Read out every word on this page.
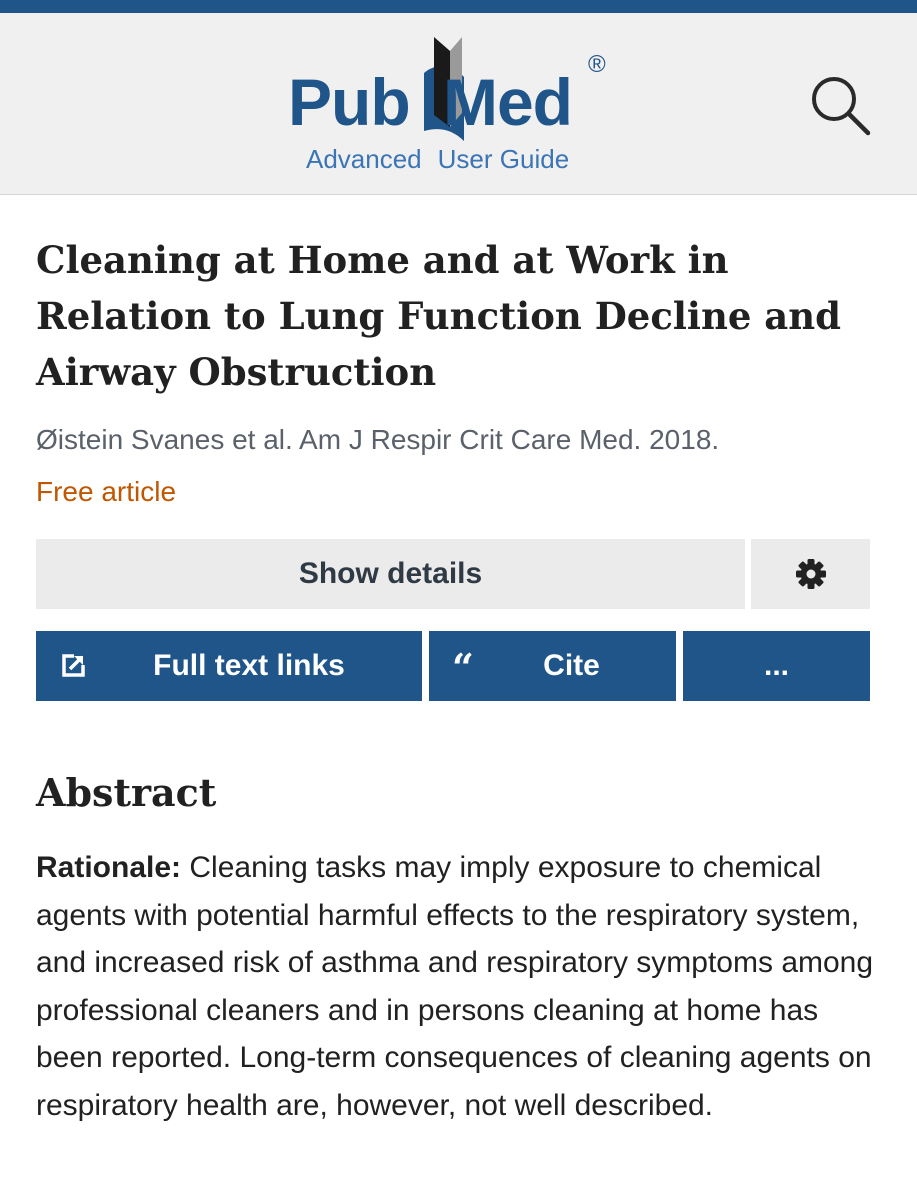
Pub Med
®
Advanced User Guide
Cleaning at Home and at Work in Relation to Lung Function Decline and Airway Obstruction
Øistein Svanes et al. Am J Respir Crit Care Med. 2018.
Free article
Show details
Full text links	“ Cite	...
Abstract

Rationale: Cleaning tasks may imply exposure to chemical agents with potential harmful effects to the respiratory system, and increased risk of asthma and respiratory symptoms among professional cleaners and in persons cleaning at home has been reported. Long-term consequences of cleaning agents on respiratory health are, however, not well described.
